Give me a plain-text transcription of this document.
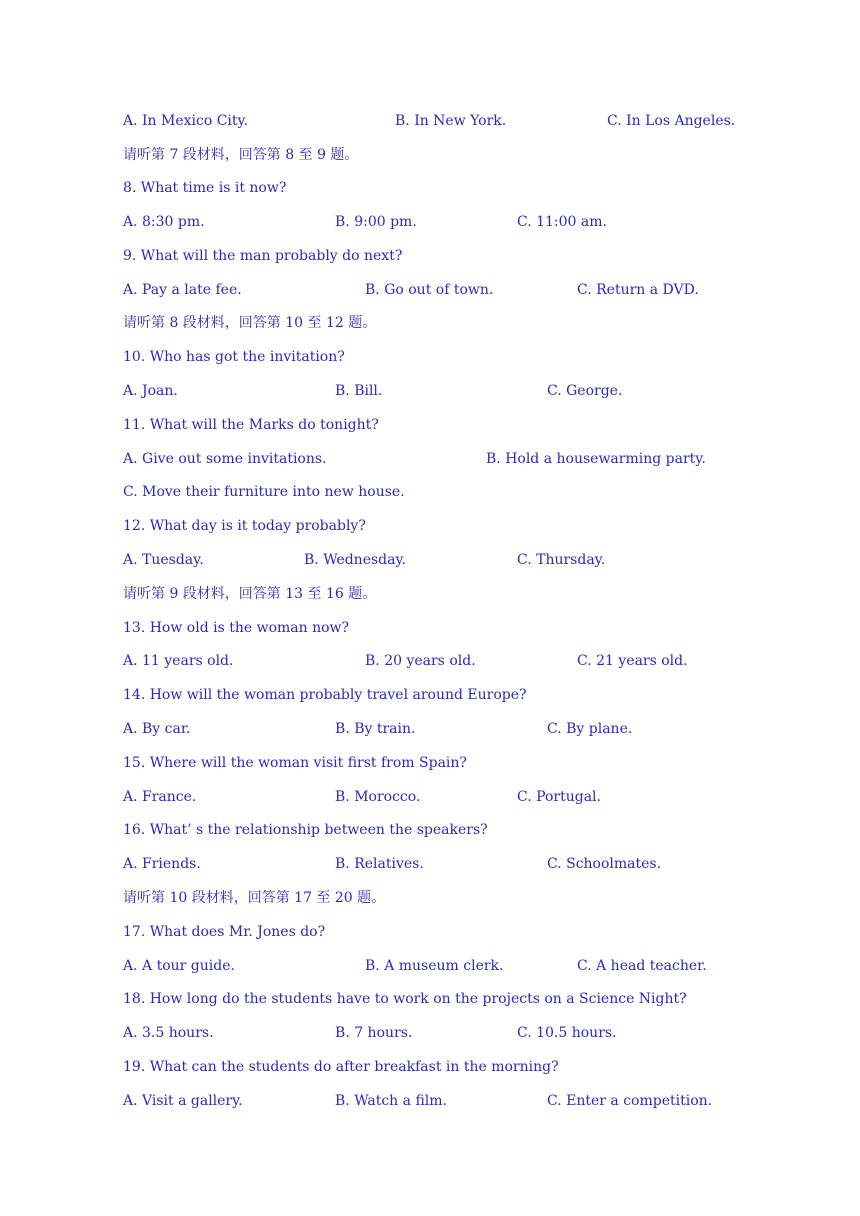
A. In Mexico City.	B. In New York.	C. In Los Angeles.
请听第 7 段材料，回答第 8 至 9 题。
8. What time is it now?
A. 8:30 pm.	B. 9:00 pm.	C. 11:00 am.
9. What will the man probably do next?
A. Pay a late fee.	B. Go out of town.	C. Return a DVD.
请听第 8 段材料，回答第 10 至 12 题。
10. Who has got the invitation?
A. Joan.	B. Bill.	C. George.
11. What will the Marks do tonight?
A. Give out some invitations.	B. Hold a housewarming party.
C. Move their furniture into new house.
12. What day is it today probably?
A. Tuesday.	B. Wednesday.	C. Thursday.
请听第 9 段材料，回答第 13 至 16 题。
13. How old is the woman now?
A. 11 years old.	B. 20 years old.	C. 21 years old.
14. How will the woman probably travel around Europe?
A. By car.	B. By train.	C. By plane.
15. Where will the woman visit first from Spain?
A. France.	B. Morocco.	C. Portugal.
16. What’ s the relationship between the speakers?
A. Friends.	B. Relatives.	C. Schoolmates.
请听第 10 段材料，回答第 17 至 20 题。
17. What does Mr. Jones do?
A. A tour guide.	B. A museum clerk.	C. A head teacher.
18. How long do the students have to work on the projects on a Science Night?
A. 3.5 hours.	B. 7 hours.	C. 10.5 hours.
19. What can the students do after breakfast in the morning?
A. Visit a gallery.	B. Watch a film.	C. Enter a competition.
